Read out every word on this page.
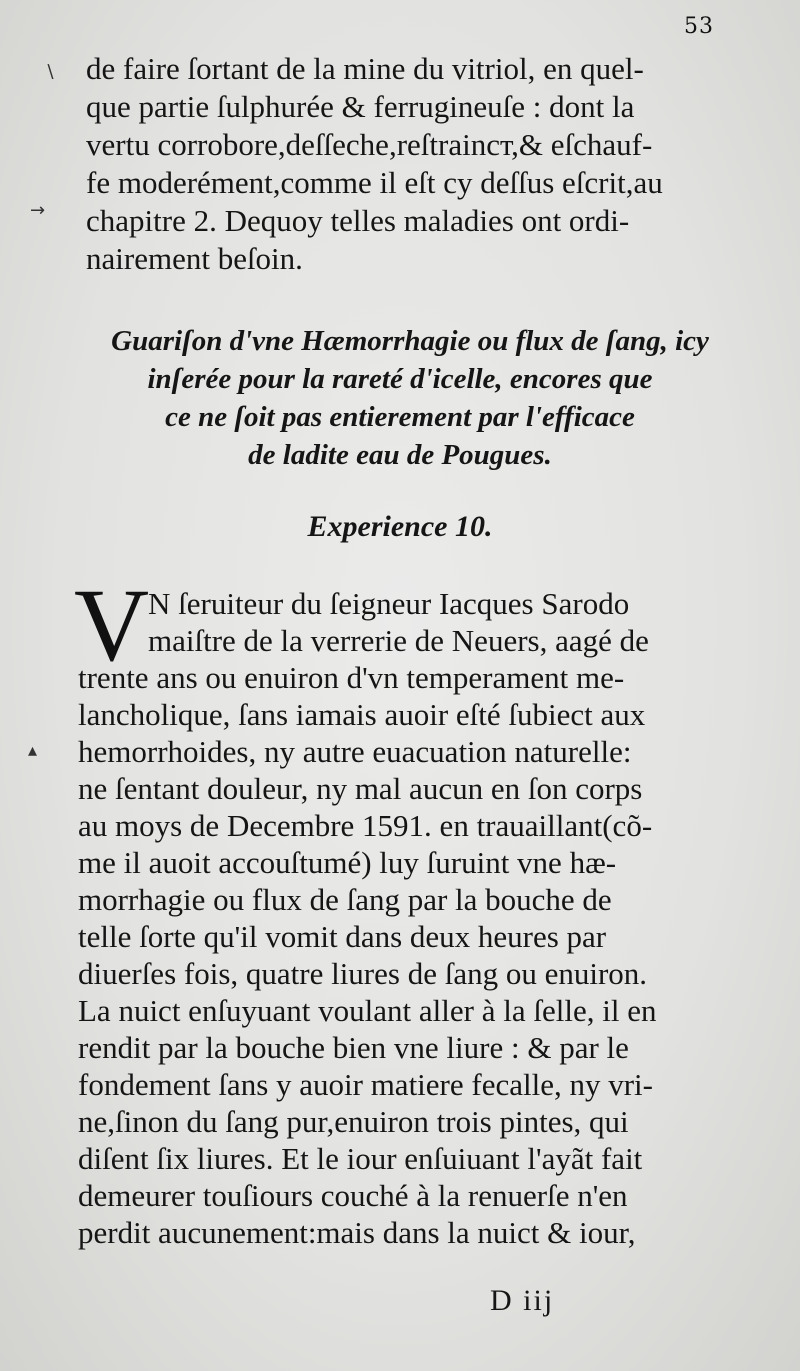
53
de faire ſortant de la mine du vitriol, en quel-
que partie ſulphurée & ferrugineuſe : dont la
vertu corrobore,deſſeche,reſtraincт,& eſchauf-
fe moderément,comme il eſt cy deſſus eſcrit,au
chapitre 2. Dequoy telles maladies ont ordi-
nairement beſoin.
Guariſon d'vne Hæmorrhagie ou flux de ſang, icy
inſerée pour la rareté d'icelle, encores que
ce ne ſoit pas entierement par l'efficace
de ladite eau de Pougues.
Experience 10.
V
N ſeruiteur du ſeigneur Iacques Sarodo
maiſtre de la verrerie de Neuers, aagé de
trente ans ou enuiron d'vn temperament me-
lancholique, ſans iamais auoir eſté ſubiect aux
hemorrhoides, ny autre euacuation naturelle:
ne ſentant douleur, ny mal aucun en ſon corps
au moys de Decembre 1591. en trauaillant(cõ-
me il auoit accouſtumé) luy ſuruint vne hæ-
morrhagie ou flux de ſang par la bouche de
telle ſorte qu'il vomit dans deux heures par
diuerſes fois, quatre liures de ſang ou enuiron.
La nuict enſuyuant voulant aller à la ſelle, il en
rendit par la bouche bien vne liure : & par le
fondement ſans y auoir matiere fecalle, ny vri-
ne,ſinon du ſang pur,enuiron trois pintes, qui
diſent ſix liures. Et le iour enſuiuant l'ayãt fait
demeurer touſiours couché à la renuerſe n'en
perdit aucunement:mais dans la nuict & iour,
D iij
∖
→
▴
